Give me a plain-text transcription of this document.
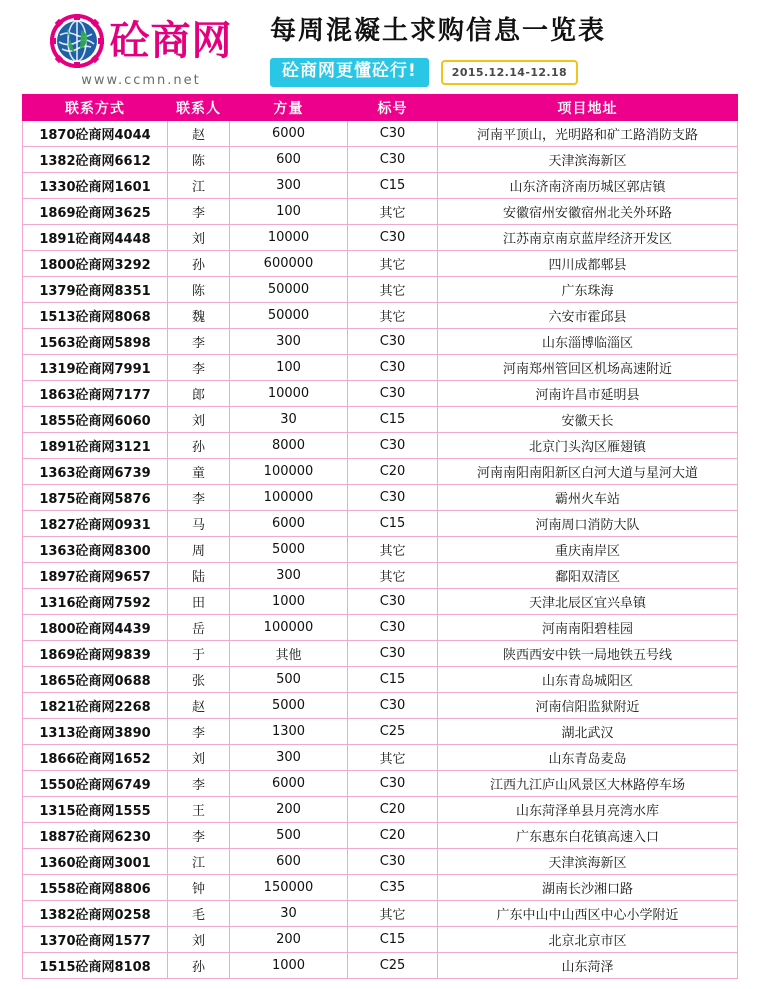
砼商网
www.ccmn.net
每周混凝土求购信息一览表
砼商网更懂砼行!	2015.12.14-12.18
联系方式	联系人	方量	标号	项目地址
1870砼商网4044	赵	6000	C30	河南平顶山，光明路和矿工路消防支路
1382砼商网6612	陈	600	C30	天津滨海新区
1330砼商网1601	江	300	C15	山东济南济南历城区郭店镇
1869砼商网3625	李	100	其它	安徽宿州安徽宿州北关外环路
1891砼商网4448	刘	10000	C30	江苏南京南京蓝岸经济开发区
1800砼商网3292	孙	600000	其它	四川成都郫县
1379砼商网8351	陈	50000	其它	广东珠海
1513砼商网8068	魏	50000	其它	六安市霍邱县
1563砼商网5898	李	300	C30	山东淄博临淄区
1319砼商网7991	李	100	C30	河南郑州管回区机场高速附近
1863砼商网7177	郎	10000	C30	河南许昌市延明县
1855砼商网6060	刘	30	C15	安徽天长
1891砼商网3121	孙	8000	C30	北京门头沟区雁翅镇
1363砼商网6739	童	100000	C20	河南南阳南阳新区白河大道与星河大道
1875砼商网5876	李	100000	C30	霸州火车站
1827砼商网0931	马	6000	C15	河南周口消防大队
1363砼商网8300	周	5000	其它	重庆南岸区
1897砼商网9657	陆	300	其它	鄱阳双清区
1316砼商网7592	田	1000	C30	天津北辰区宜兴阜镇
1800砼商网4439	岳	100000	C30	河南南阳碧桂园
1869砼商网9839	于	其他	C30	陕西西安中铁一局地铁五号线
1865砼商网0688	张	500	C15	山东青岛城阳区
1821砼商网2268	赵	5000	C30	河南信阳监狱附近
1313砼商网3890	李	1300	C25	湖北武汉
1866砼商网1652	刘	300	其它	山东青岛麦岛
1550砼商网6749	李	6000	C30	江西九江庐山风景区大林路停车场
1315砼商网1555	王	200	C20	山东菏泽单县月亮湾水库
1887砼商网6230	李	500	C20	广东惠东白花镇高速入口
1360砼商网3001	江	600	C30	天津滨海新区
1558砼商网8806	钟	150000	C35	湖南长沙湘口路
1382砼商网0258	毛	30	其它	广东中山中山西区中心小学附近
1370砼商网1577	刘	200	C15	北京北京市区
1515砼商网8108	孙	1000	C25	山东菏泽
